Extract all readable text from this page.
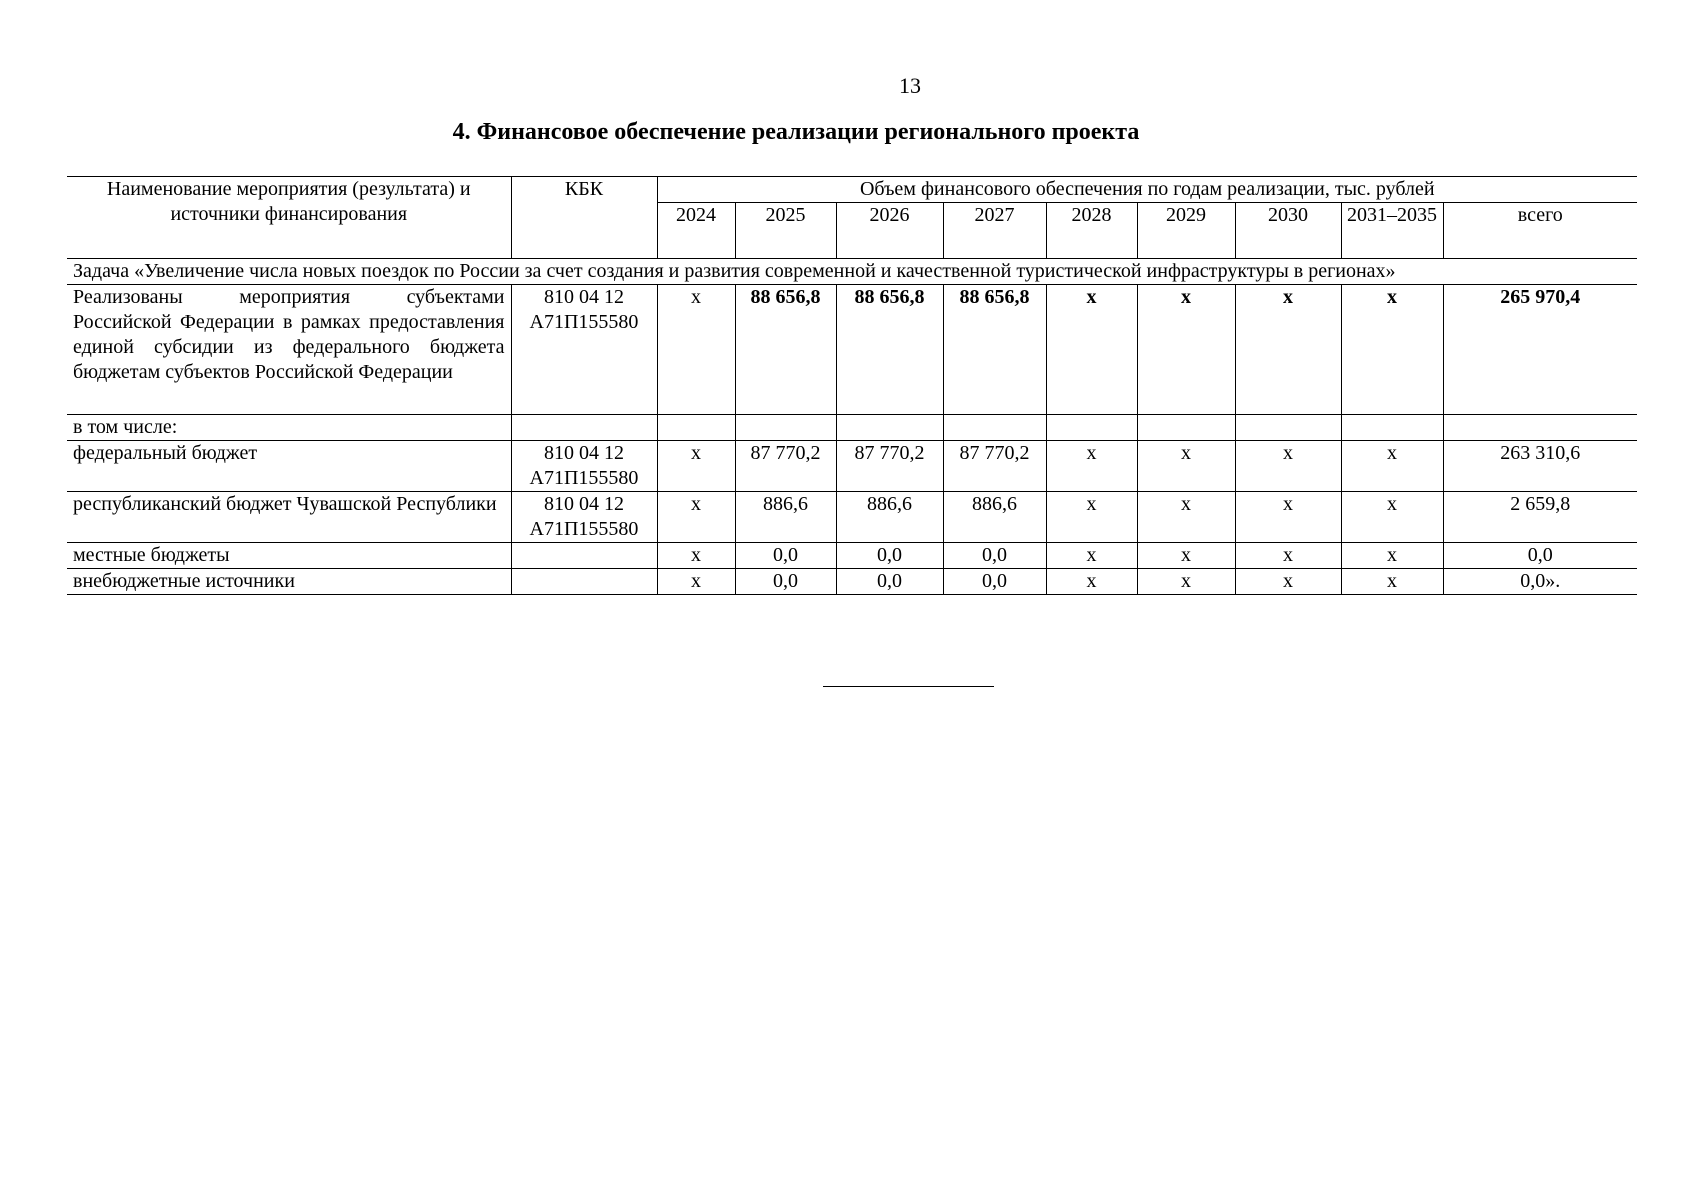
13
4. Финансовое обеспечение реализации регионального проекта
Наименование мероприятия (результата) и источники финансирования	КБК	Объем финансового обеспечения по годам реализации, тыс. рублей								
		2024	2025	2026	2027	2028	2029	2030	2031–2035	всего
Задача «Увеличение числа новых поездок по России за счет создания и развития современной и качественной туристической инфраструктуры в регионах»										
Реализованы мероприятия субъектами Российской Федерации в рамках предоставления единой субсидии из федерального бюджета бюджетам субъектов Российской Федерации	810 04 12 А71П155580	х	88 656,8	88 656,8	88 656,8	х	х	х	х	265 970,4
в том числе:										
федеральный бюджет	810 04 12 А71П155580	х	87 770,2	87 770,2	87 770,2	х	х	х	х	263 310,6
республиканский бюджет Чувашской Республики	810 04 12 А71П155580	х	886,6	886,6	886,6	х	х	х	х	2 659,8
местные бюджеты		х	0,0	0,0	0,0	х	х	х	х	0,0
внебюджетные источники		х	0,0	0,0	0,0	х	х	х	х	0,0».
